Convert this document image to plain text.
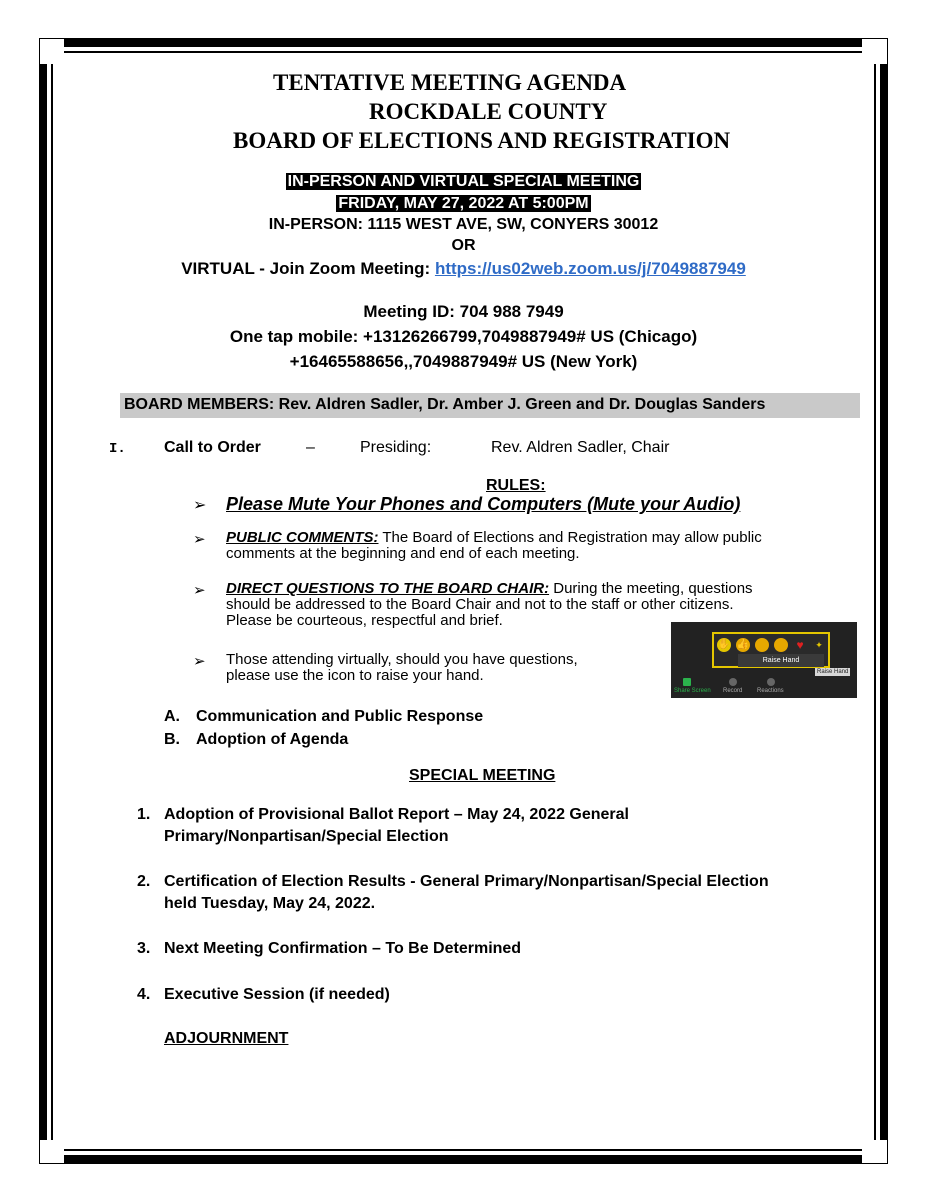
TENTATIVE MEETING AGENDA
ROCKDALE COUNTY
BOARD OF ELECTIONS AND REGISTRATION
IN-PERSON AND VIRTUAL SPECIAL MEETING
FRIDAY, MAY 27, 2022 AT 5:00PM
IN-PERSON: 1115 WEST AVE, SW, CONYERS 30012
OR
VIRTUAL - Join Zoom Meeting: https://us02web.zoom.us/j/7049887949
Meeting ID: 704 988 7949
One tap mobile: +13126266799,7049887949# US (Chicago)
+16465588656,,7049887949# US (New York)
BOARD MEMBERS: Rev. Aldren Sadler, Dr. Amber J. Green and Dr. Douglas Sanders
I. Call to Order	–	Presiding:	Rev. Aldren Sadler, Chair
RULES:
➢ Please Mute Your Phones and Computers (Mute your Audio)
➢ PUBLIC COMMENTS: The Board of Elections and Registration may allow public
comments at the beginning and end of each meeting.
➢ DIRECT QUESTIONS TO THE BOARD CHAIR: During the meeting, questions
should be addressed to the Board Chair and not to the staff or other citizens.
Please be courteous, respectful and brief.
➢ Those attending virtually, should you have questions,
please use the icon to raise your hand.
✋ 👍	♥	✦
Raise Hand
Raise Hand
Share Screen Record Reactions
A. Communication and Public Response
B. Adoption of Agenda
SPECIAL MEETING
1. Adoption of Provisional Ballot Report – May 24, 2022 General
Primary/Nonpartisan/Special Election
2. Certification of Election Results - General Primary/Nonpartisan/Special Election
held Tuesday, May 24, 2022.
3. Next Meeting Confirmation – To Be Determined
4. Executive Session (if needed)
ADJOURNMENT
